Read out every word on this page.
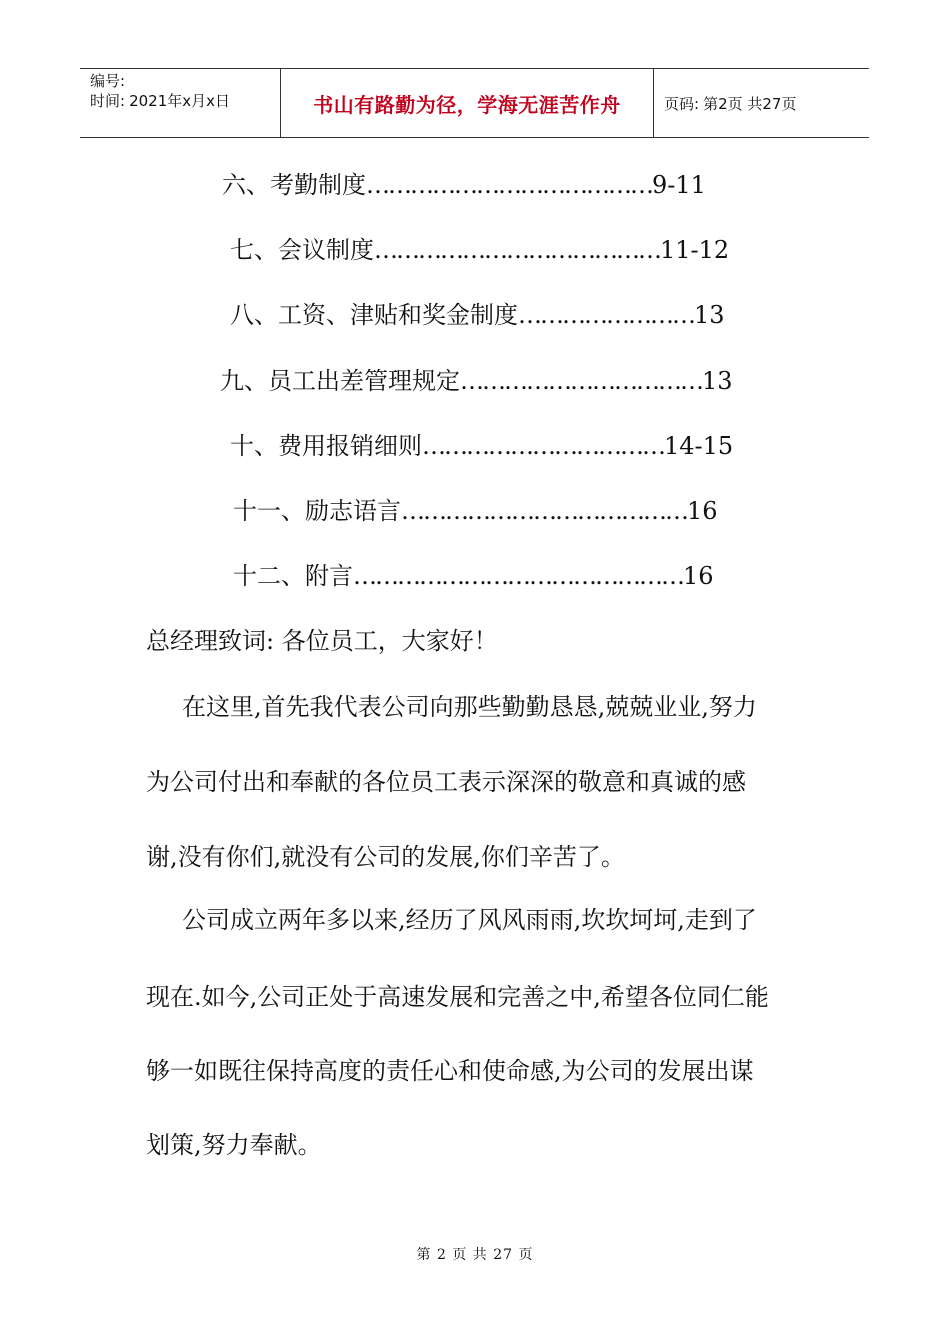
编号:
时间: 2021年x月x日	书山有路勤为径，学海无涯苦作舟	页码: 第2页 共27页
六、考勤制度…………………………………9-11
七、会议制度…………………………………11-12
八、工资、津贴和奖金制度……………………13
九、员工出差管理规定……………………………13
十、费用报销细则……………………………14-15
十一、励志语言…………………………………16
十二、附言………………………………………16
总经理致词: 各位员工，大家好！
在这里,首先我代表公司向那些勤勤恳恳,兢兢业业,努力
为公司付出和奉献的各位员工表示深深的敬意和真诚的感
谢,没有你们,就没有公司的发展,你们辛苦了。
公司成立两年多以来,经历了风风雨雨,坎坎坷坷,走到了
现在.如今,公司正处于高速发展和完善之中,希望各位同仁能
够一如既往保持高度的责任心和使命感,为公司的发展出谋
划策,努力奉献。
第 2 页 共 27 页
